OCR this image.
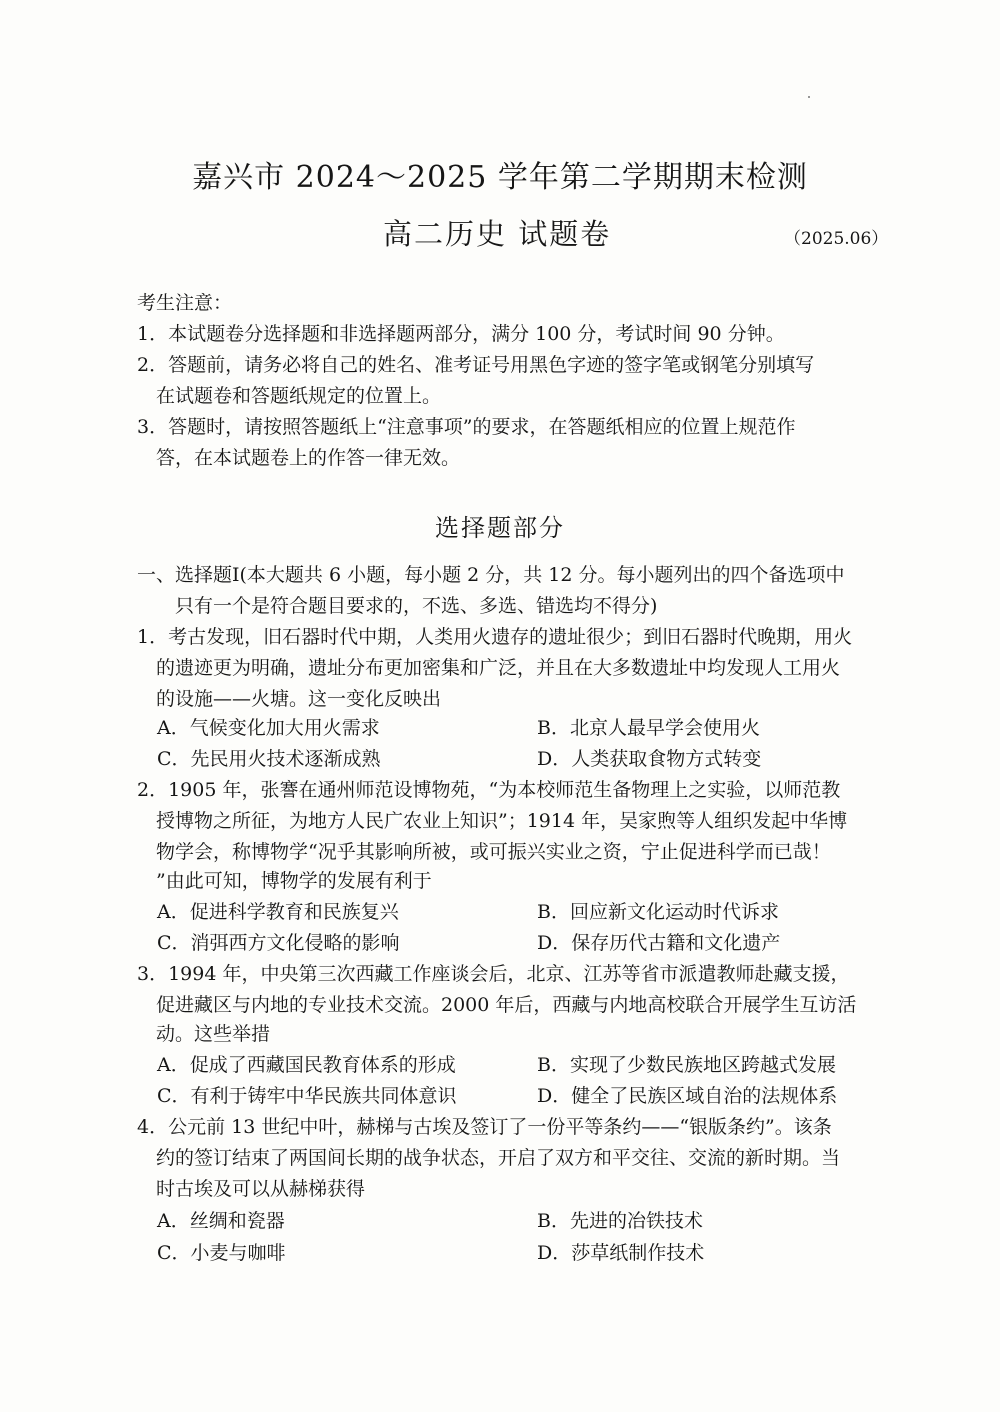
嘉兴市 2024～2025 学年第二学期期末检测
高二历史 试题卷	（2025.06）
考生注意：
1．本试题卷分选择题和非选择题两部分，满分 100 分，考试时间 90 分钟。
2．答题前，请务必将自己的姓名、准考证号用黑色字迹的签字笔或钢笔分别填写
在试题卷和答题纸规定的位置上。
3．答题时，请按照答题纸上“注意事项”的要求，在答题纸相应的位置上规范作
答，在本试题卷上的作答一律无效。
选择题部分
一、选择题Ⅰ(本大题共 6 小题，每小题 2 分，共 12 分。每小题列出的四个备选项中
只有一个是符合题目要求的，不选、多选、错选均不得分)
1．考古发现，旧石器时代中期，人类用火遗存的遗址很少；到旧石器时代晚期，用火
的遗迹更为明确，遗址分布更加密集和广泛，并且在大多数遗址中均发现人工用火
的设施——火塘。这一变化反映出
A．气候变化加大用火需求	B．北京人最早学会使用火
C．先民用火技术逐渐成熟	D．人类获取食物方式转变
2．1905 年，张謇在通州师范设博物苑，“为本校师范生备物理上之实验，以师范教
授博物之所征，为地方人民广农业上知识”；1914 年，吴家煦等人组织发起中华博
物学会，称博物学“况乎其影响所被，或可振兴实业之资，宁止促进科学而已哉！
”由此可知，博物学的发展有利于
A．促进科学教育和民族复兴	B．回应新文化运动时代诉求
C．消弭西方文化侵略的影响	D．保存历代古籍和文化遗产
3．1994 年，中央第三次西藏工作座谈会后，北京、江苏等省市派遣教师赴藏支援，
促进藏区与内地的专业技术交流。2000 年后，西藏与内地高校联合开展学生互访活
动。这些举措
A．促成了西藏国民教育体系的形成	B．实现了少数民族地区跨越式发展
C．有利于铸牢中华民族共同体意识	D．健全了民族区域自治的法规体系
4．公元前 13 世纪中叶，赫梯与古埃及签订了一份平等条约——“银版条约”。该条
约的签订结束了两国间长期的战争状态，开启了双方和平交往、交流的新时期。当
时古埃及可以从赫梯获得
A．丝绸和瓷器	B．先进的冶铁技术
C．小麦与咖啡	D．莎草纸制作技术
